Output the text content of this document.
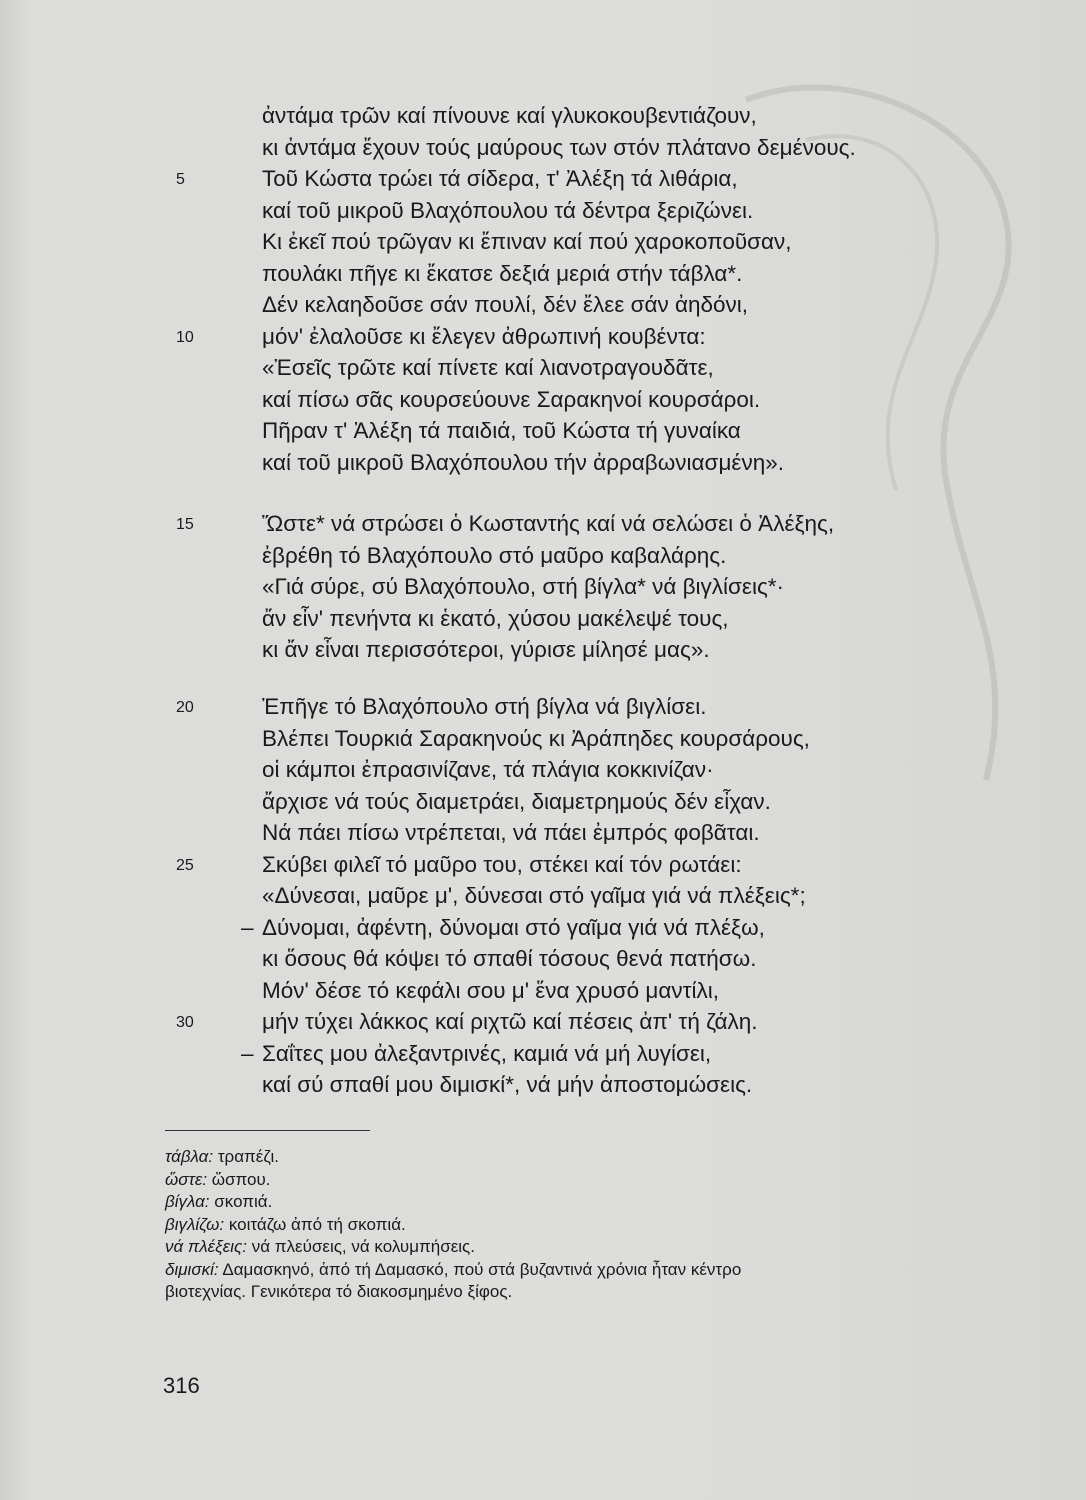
ἀντάμα τρῶν καί πίνουνε καί γλυκοκουβεντιάζουν,
κι ἀντάμα ἔχουν τούς μαύρους των στόν πλάτανο δεμένους.
5	Τοῦ Κώστα τρώει τά σίδερα, τ' Ἀλέξη τά λιθάρια,
καί τοῦ μικροῦ Βλαχόπουλου τά δέντρα ξεριζώνει.
Κι ἐκεῖ πού τρῶγαν κι ἔπιναν καί πού χαροκοποῦσαν,
πουλάκι πῆγε κι ἔκατσε δεξιά μεριά στήν τάβλα*.
Δέν κελαηδοῦσε σάν πουλί, δέν ἔλεε σάν ἀηδόνι,
10	μόν' ἐλαλοῦσε κι ἔλεγεν ἀθρωπινή κουβέντα:
«Ἐσεῖς τρῶτε καί πίνετε καί λιανοτραγουδᾶτε,
καί πίσω σᾶς κουρσεύουνε Σαρακηνοί κουρσάροι.
Πῆραν τ' Ἀλέξη τά παιδιά, τοῦ Κώστα τή γυναίκα
καί τοῦ μικροῦ Βλαχόπουλου τήν ἀρραβωνιασμένη».
15	Ὥστε* νά στρώσει ὁ Κωσταντής καί νά σελώσει ὁ Ἀλέξης,
ἐβρέθη τό Βλαχόπουλο στό μαῦρο καβαλάρης.
«Γιά σύρε, σύ Βλαχόπουλο, στή βίγλα* νά βιγλίσεις*·
ἄν εἶν' πενήντα κι ἑκατό, χύσου μακέλεψέ τους,
κι ἄν εἶναι περισσότεροι, γύρισε μίλησέ μας».
20	Ἐπῆγε τό Βλαχόπουλο στή βίγλα νά βιγλίσει.
Βλέπει Τουρκιά Σαρακηνούς κι Ἀράπηδες κουρσάρους,
οἱ κάμποι ἐπρασινίζανε, τά πλάγια κοκκινίζαν·
ἄρχισε νά τούς διαμετράει, διαμετρημούς δέν εἶχαν.
Νά πάει πίσω ντρέπεται, νά πάει ἐμπρός φοβᾶται.
25	Σκύβει φιλεῖ τό μαῦρο του, στέκει καί τόν ρωτάει:
«Δύνεσαι, μαῦρε μ', δύνεσαι στό γαῖμα γιά νά πλέξεις*;
– Δύνομαι, ἀφέντη, δύνομαι στό γαῖμα γιά νά πλέξω,
κι ὅσους θά κόψει τό σπαθί τόσους θενά πατήσω.
Μόν' δέσε τό κεφάλι σου μ' ἕνα χρυσό μαντίλι,
30	μήν τύχει λάκκος καί ριχτῶ καί πέσεις ἀπ' τή ζάλη.
– Σαΐτες μου ἀλεξαντρινές, καμιά νά μή λυγίσει,
καί σύ σπαθί μου διμισκί*, νά μήν ἀποστομώσεις.
τάβλα: τραπέζι.
ὥστε: ὥσπου.
βίγλα: σκοπιά.
βιγλίζω: κοιτάζω ἀπό τή σκοπιά.
νά πλέξεις: νά πλεύσεις, νά κολυμπήσεις.
διμισκί: Δαμασκηνό, ἀπό τή Δαμασκό, πού στά βυζαντινά χρόνια ἦταν κέντρο
βιοτεχνίας. Γενικότερα τό διακοσμημένο ξίφος.
316
